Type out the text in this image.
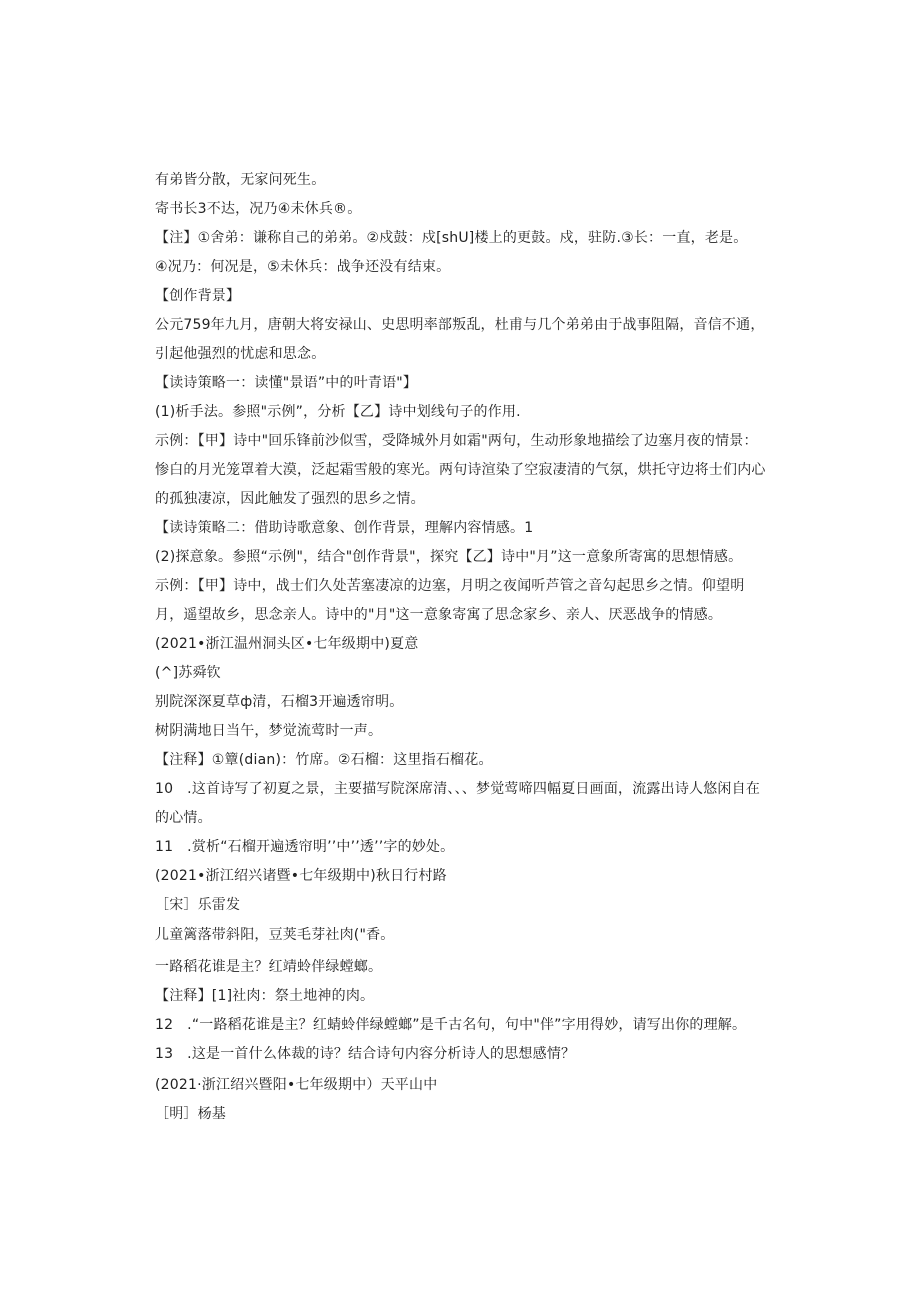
有弟皆分散，无家问死生。
寄书长3不达，况乃④未休兵®。
【注】①舍弟：谦称自己的弟弟。②戍鼓：戍[shU]楼上的更鼓。戍，驻防.③长：一直，老是。
④况乃：何况是，⑤未休兵：战争还没有结束。
【创作背景】
公元759年九月，唐朝大将安禄山、史思明率部叛乱，杜甫与几个弟弟由于战事阻隔，音信不通，
引起他强烈的忧虑和思念。
【读诗策略一：读懂"景语”中的叶青语"】
(1)析手法。参照"示例”，分析【乙】诗中划线句子的作用.
示例：【甲】诗中"回乐锋前沙似雪，受降城外月如霜"两句，生动形象地描绘了边塞月夜的情景：
惨白的月光笼罩着大漠，泛起霜雪般的寒光。两句诗渲染了空寂凄清的气氛，烘托守边将士们内心
的孤独凄凉，因此触发了强烈的思乡之情。
【读诗策略二：借助诗歌意象、创作背景，理解内容情感。1
(2)探意象。参照“示例"，结合"创作背景"，探究【乙】诗中"月”这一意象所寄寓的思想情感。
示例：【甲】诗中，战士们久处苦塞凄凉的边塞，月明之夜闻听芦管之音勾起思乡之情。仰望明
月，遥望故乡，思念亲人。诗中的"月"这一意象寄寓了思念家乡、亲人、厌恶战争的情感。
(2021•浙江温州洞头区•七年级期中)夏意
(^]苏舜钦
别院深深夏草ф清，石榴3开遍透帘明。
树阴满地日当午，梦觉流莺时一声。
【注释】①簟(dian)：竹席。②石榴：这里指石榴花。
10   .这首诗写了初夏之景，主要描写院深席清、、、梦觉莺啼四幅夏日画面，流露出诗人悠闲自在
的心情。
11   .赏析“石榴开遍透帘明’’中’’透’’字的妙处。
(2021•浙江绍兴诸暨•七年级期中)秋日行村路
［宋］乐雷发
儿童篱落带斜阳，豆荚毛芽社肉("香。
一路稻花谁是主？红靖蛉伴绿螳螂。
【注释】[1]社肉：祭土地神的肉。
12   .“一路稻花谁是主？红蜻蛉伴绿螳螂”是千古名句，句中"伴”字用得妙，请写出你的理解。
13   .这是一首什么体裁的诗？结合诗句内容分析诗人的思想感情？
(2021·浙江绍兴暨阳•七年级期中）天平山中
［明］杨基
